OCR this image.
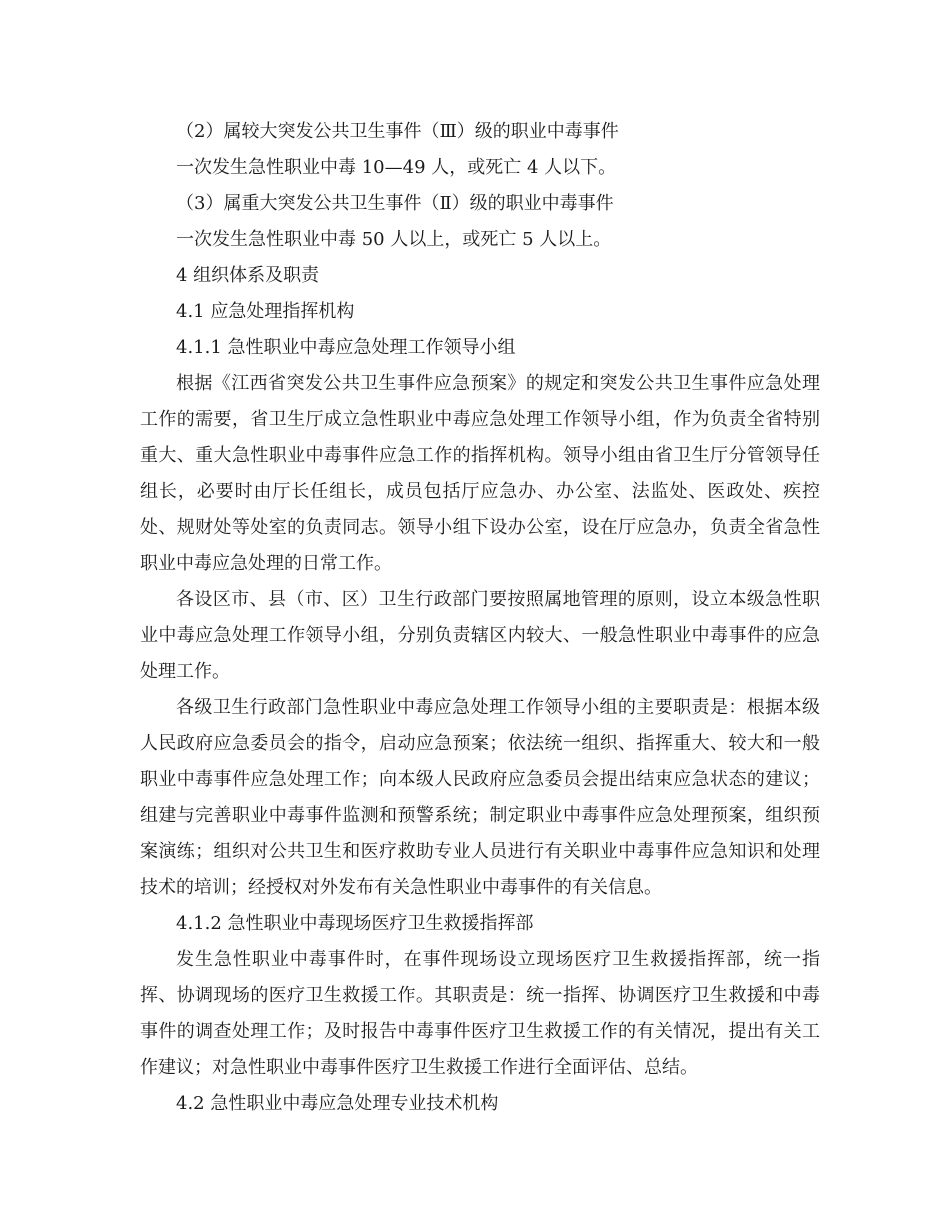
（2）属较大突发公共卫生事件（Ⅲ）级的职业中毒事件

一次发生急性职业中毒 10—49 人，或死亡 4 人以下。

（3）属重大突发公共卫生事件（Ⅱ）级的职业中毒事件

一次发生急性职业中毒 50 人以上，或死亡 5 人以上。

4 组织体系及职责

4.1 应急处理指挥机构

4.1.1 急性职业中毒应急处理工作领导小组

根据《江西省突发公共卫生事件应急预案》的规定和突发公共卫生事件应急处理工作的需要，省卫生厅成立急性职业中毒应急处理工作领导小组，作为负责全省特别重大、重大急性职业中毒事件应急工作的指挥机构。领导小组由省卫生厅分管领导任组长，必要时由厅长任组长，成员包括厅应急办、办公室、法监处、医政处、疾控处、规财处等处室的负责同志。领导小组下设办公室，设在厅应急办，负责全省急性职业中毒应急处理的日常工作。

各设区市、县（市、区）卫生行政部门要按照属地管理的原则，设立本级急性职业中毒应急处理工作领导小组，分别负责辖区内较大、一般急性职业中毒事件的应急处理工作。

各级卫生行政部门急性职业中毒应急处理工作领导小组的主要职责是：根据本级人民政府应急委员会的指令，启动应急预案；依法统一组织、指挥重大、较大和一般职业中毒事件应急处理工作；向本级人民政府应急委员会提出结束应急状态的建议；组建与完善职业中毒事件监测和预警系统；制定职业中毒事件应急处理预案，组织预案演练；组织对公共卫生和医疗救助专业人员进行有关职业中毒事件应急知识和处理技术的培训；经授权对外发布有关急性职业中毒事件的有关信息。

4.1.2 急性职业中毒现场医疗卫生救援指挥部

发生急性职业中毒事件时，在事件现场设立现场医疗卫生救援指挥部，统一指挥、协调现场的医疗卫生救援工作。其职责是：统一指挥、协调医疗卫生救援和中毒事件的调查处理工作；及时报告中毒事件医疗卫生救援工作的有关情况，提出有关工作建议；对急性职业中毒事件医疗卫生救援工作进行全面评估、总结。

4.2 急性职业中毒应急处理专业技术机构
